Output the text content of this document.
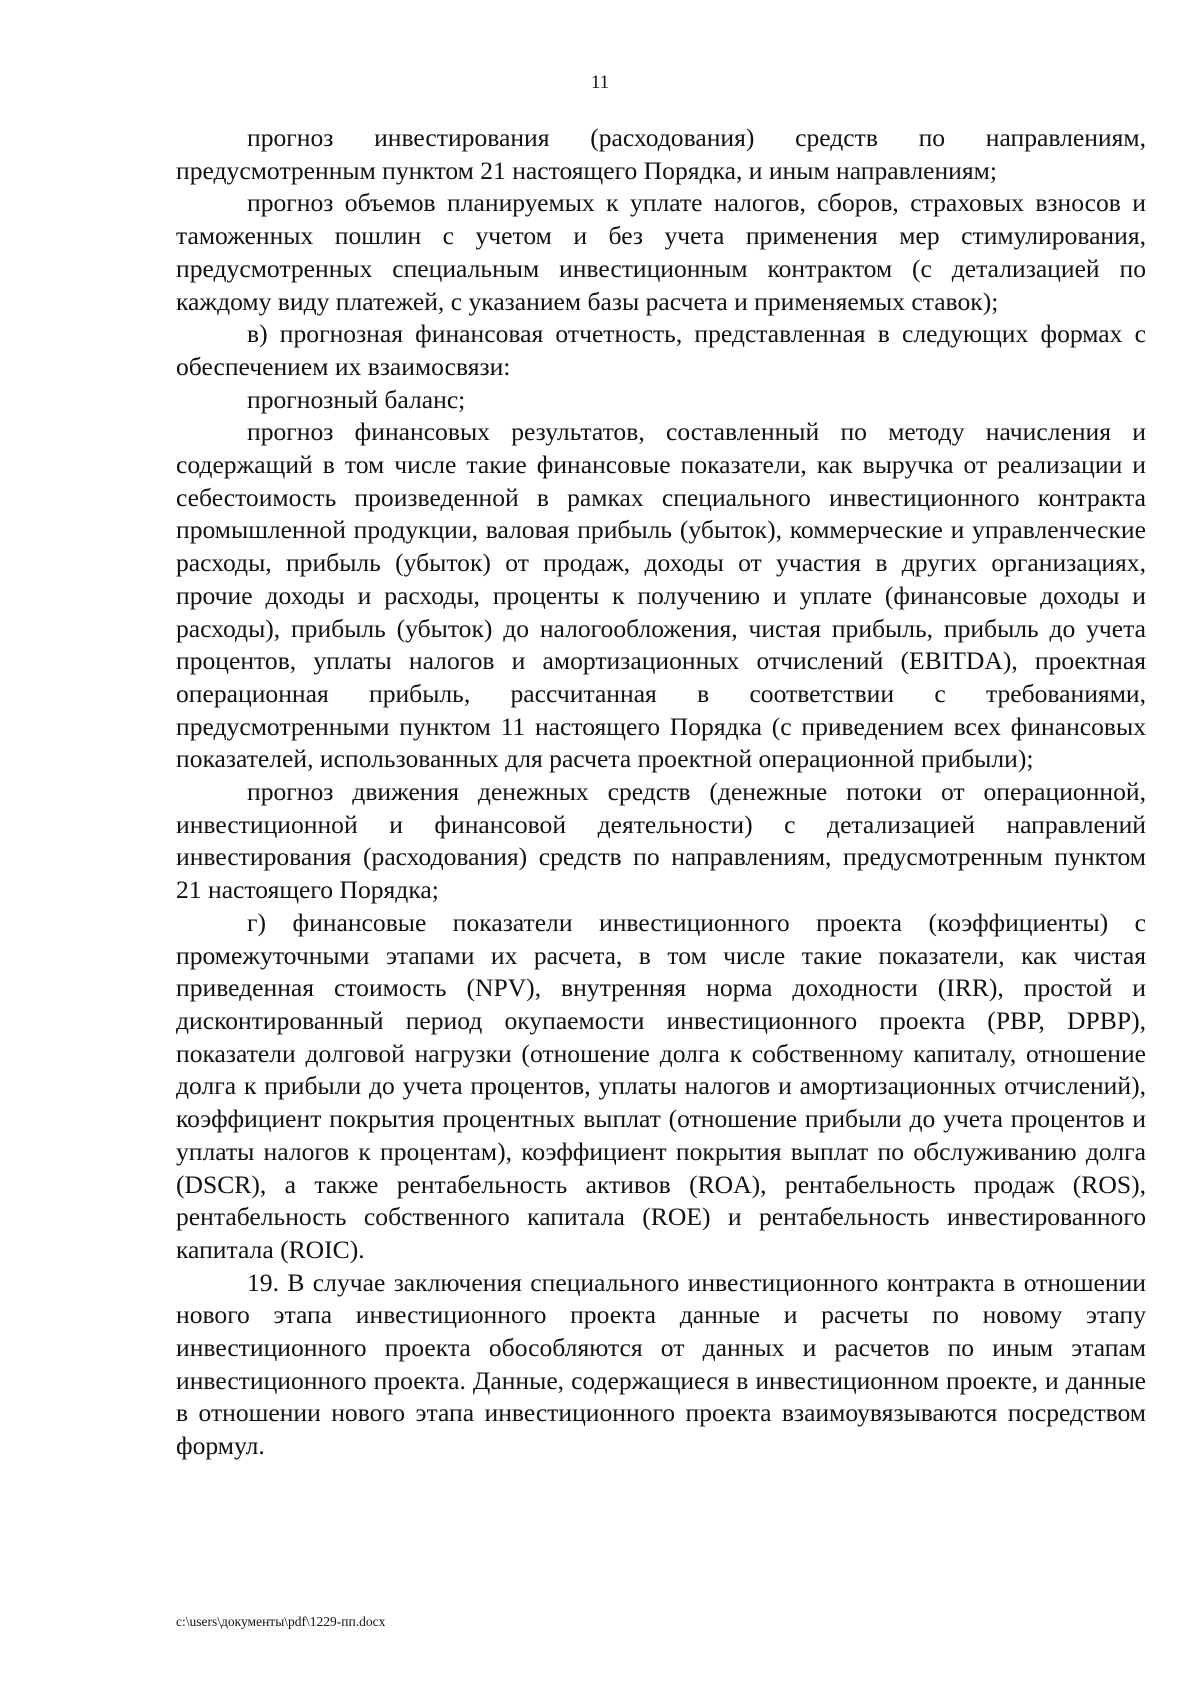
11

прогноз инвестирования (расходования) средств по направлениям, предусмотренным пунктом 21 настоящего Порядка, и иным направлениям;

прогноз объемов планируемых к уплате налогов, сборов, страховых взносов и таможенных пошлин с учетом и без учета применения мер стимулирования, предусмотренных специальным инвестиционным контрактом (с детализацией по каждому виду платежей, с указанием базы расчета и применяемых ставок);

в) прогнозная финансовая отчетность, представленная в следующих формах с обеспечением их взаимосвязи:

прогнозный баланс;

прогноз финансовых результатов, составленный по методу начисления и содержащий в том числе такие финансовые показатели, как выручка от реализации и себестоимость произведенной в рамках специального инвестиционного контракта промышленной продукции, валовая прибыль (убыток), коммерческие и управленческие расходы, прибыль (убыток) от продаж, доходы от участия в других организациях, прочие доходы и расходы, проценты к получению и уплате (финансовые доходы и расходы), прибыль (убыток) до налогообложения, чистая прибыль, прибыль до учета процентов, уплаты налогов и амортизационных отчислений (EBITDA), проектная операционная прибыль, рассчитанная в соответствии с требованиями, предусмотренными пунктом 11 настоящего Порядка (с приведением всех финансовых показателей, использованных для расчета проектной операционной прибыли);

прогноз движения денежных средств (денежные потоки от операционной, инвестиционной и финансовой деятельности) с детализацией направлений инвестирования (расходования) средств по направлениям, предусмотренным пунктом 21 настоящего Порядка;

г) финансовые показатели инвестиционного проекта (коэффициенты) с промежуточными этапами их расчета, в том числе такие показатели, как чистая приведенная стоимость (NPV), внутренняя норма доходности (IRR), простой и дисконтированный период окупаемости инвестиционного проекта (PBP, DPBP), показатели долговой нагрузки (отношение долга к собственному капиталу, отношение долга к прибыли до учета процентов, уплаты налогов и амортизационных отчислений), коэффициент покрытия процентных выплат (отношение прибыли до учета процентов и уплаты налогов к процентам), коэффициент покрытия выплат по обслуживанию долга (DSCR), а также рентабельность активов (ROA), рентабельность продаж (ROS), рентабельность собственного капитала (ROE) и рентабельность инвестированного капитала (ROIC).

19. В случае заключения специального инвестиционного контракта в отношении нового этапа инвестиционного проекта данные и расчеты по новому этапу инвестиционного проекта обособляются от данных и расчетов по иным этапам инвестиционного проекта. Данные, содержащиеся в инвестиционном проекте, и данные в отношении нового этапа инвестиционного проекта взаимоувязываются посредством формул.

c:\users\документы\pdf\1229-пп.docx
